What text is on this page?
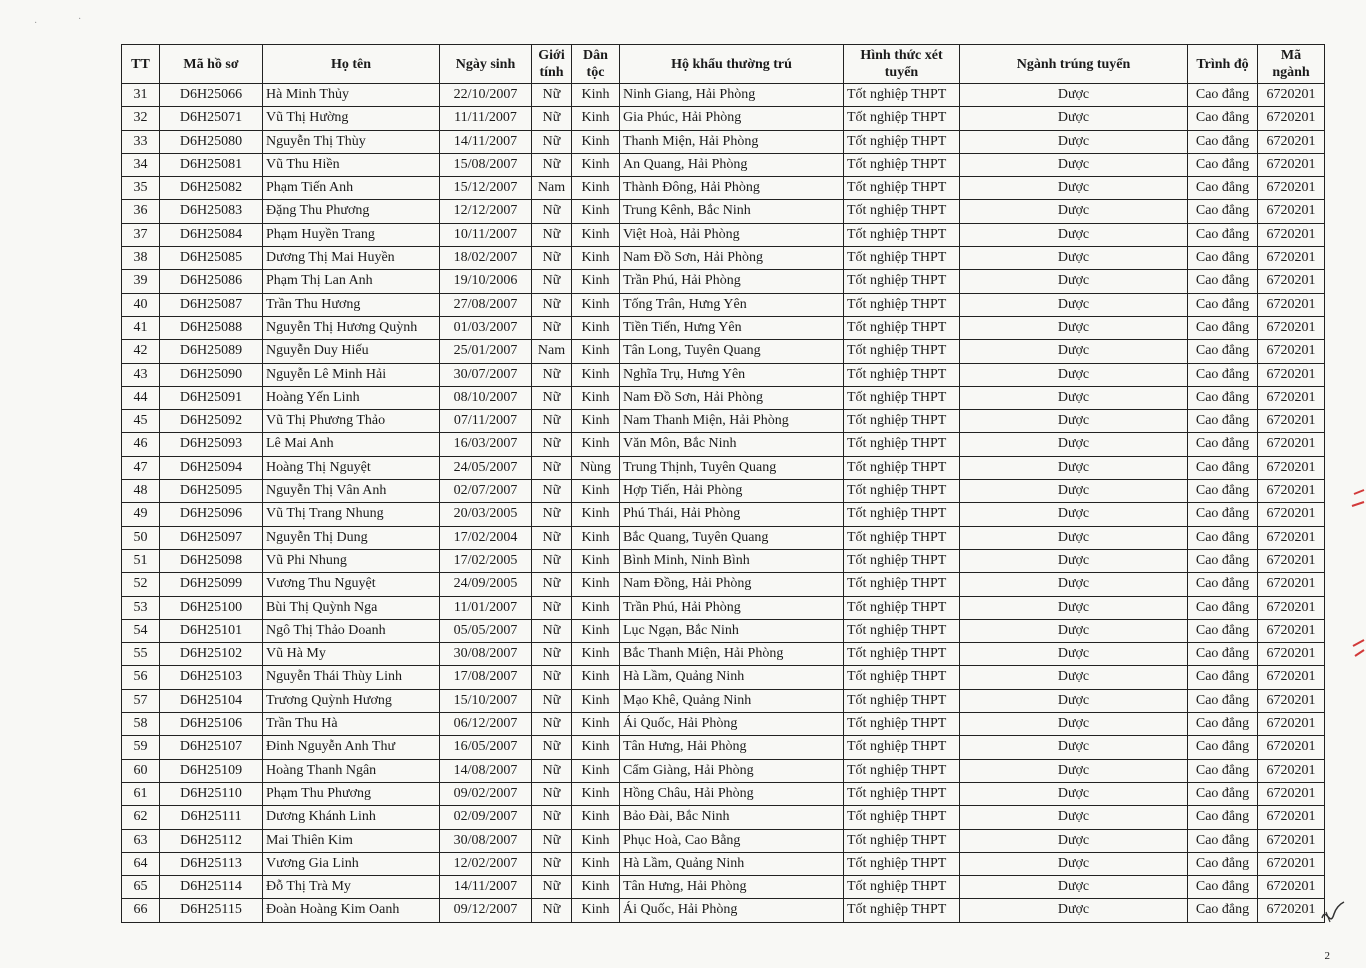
·	·
TT	Mã hồ sơ	Họ tên	Ngày sinh	Giới tính	Dân tộc	Hộ khẩu thường trú	Hình thức xét tuyển	Ngành trúng tuyển	Trình độ	Mã ngành
31	D6H25066	Hà Minh Thủy	22/10/2007	Nữ	Kinh	Ninh Giang, Hải Phòng	Tốt nghiệp THPT	Dược	Cao đẳng	6720201
32	D6H25071	Vũ Thị Hường	11/11/2007	Nữ	Kinh	Gia Phúc, Hải Phòng	Tốt nghiệp THPT	Dược	Cao đẳng	6720201
33	D6H25080	Nguyễn Thị Thùy	14/11/2007	Nữ	Kinh	Thanh Miện, Hải Phòng	Tốt nghiệp THPT	Dược	Cao đẳng	6720201
34	D6H25081	Vũ Thu Hiền	15/08/2007	Nữ	Kinh	An Quang, Hải Phòng	Tốt nghiệp THPT	Dược	Cao đẳng	6720201
35	D6H25082	Phạm Tiến Anh	15/12/2007	Nam	Kinh	Thành Đông, Hải Phòng	Tốt nghiệp THPT	Dược	Cao đẳng	6720201
36	D6H25083	Đặng Thu Phương	12/12/2007	Nữ	Kinh	Trung Kênh, Bắc Ninh	Tốt nghiệp THPT	Dược	Cao đẳng	6720201
37	D6H25084	Phạm Huyền Trang	10/11/2007	Nữ	Kinh	Việt Hoà, Hải Phòng	Tốt nghiệp THPT	Dược	Cao đẳng	6720201
38	D6H25085	Dương Thị Mai Huyền	18/02/2007	Nữ	Kinh	Nam Đồ Sơn, Hải Phòng	Tốt nghiệp THPT	Dược	Cao đẳng	6720201
39	D6H25086	Phạm Thị Lan Anh	19/10/2006	Nữ	Kinh	Trần Phú, Hải Phòng	Tốt nghiệp THPT	Dược	Cao đẳng	6720201
40	D6H25087	Trần Thu Hương	27/08/2007	Nữ	Kinh	Tống Trân, Hưng Yên	Tốt nghiệp THPT	Dược	Cao đẳng	6720201
41	D6H25088	Nguyễn Thị Hương Quỳnh	01/03/2007	Nữ	Kinh	Tiền Tiến, Hưng Yên	Tốt nghiệp THPT	Dược	Cao đẳng	6720201
42	D6H25089	Nguyễn Duy Hiếu	25/01/2007	Nam	Kinh	Tân Long, Tuyên Quang	Tốt nghiệp THPT	Dược	Cao đẳng	6720201
43	D6H25090	Nguyễn Lê Minh Hải	30/07/2007	Nữ	Kinh	Nghĩa Trụ, Hưng Yên	Tốt nghiệp THPT	Dược	Cao đẳng	6720201
44	D6H25091	Hoàng Yến Linh	08/10/2007	Nữ	Kinh	Nam Đồ Sơn, Hải Phòng	Tốt nghiệp THPT	Dược	Cao đẳng	6720201
45	D6H25092	Vũ Thị Phương Thảo	07/11/2007	Nữ	Kinh	Nam Thanh Miện, Hải Phòng	Tốt nghiệp THPT	Dược	Cao đẳng	6720201
46	D6H25093	Lê Mai Anh	16/03/2007	Nữ	Kinh	Văn Môn, Bắc Ninh	Tốt nghiệp THPT	Dược	Cao đẳng	6720201
47	D6H25094	Hoàng Thị Nguyệt	24/05/2007	Nữ	Nùng	Trung Thịnh, Tuyên Quang	Tốt nghiệp THPT	Dược	Cao đẳng	6720201
48	D6H25095	Nguyễn Thị Vân Anh	02/07/2007	Nữ	Kinh	Hợp Tiến, Hải Phòng	Tốt nghiệp THPT	Dược	Cao đẳng	6720201
49	D6H25096	Vũ Thị Trang Nhung	20/03/2005	Nữ	Kinh	Phú Thái, Hải Phòng	Tốt nghiệp THPT	Dược	Cao đẳng	6720201
50	D6H25097	Nguyễn Thị Dung	17/02/2004	Nữ	Kinh	Bắc Quang, Tuyên Quang	Tốt nghiệp THPT	Dược	Cao đẳng	6720201
51	D6H25098	Vũ Phi Nhung	17/02/2005	Nữ	Kinh	Bình Minh, Ninh Bình	Tốt nghiệp THPT	Dược	Cao đẳng	6720201
52	D6H25099	Vương Thu Nguyệt	24/09/2005	Nữ	Kinh	Nam Đồng, Hải Phòng	Tốt nghiệp THPT	Dược	Cao đẳng	6720201
53	D6H25100	Bùi Thị Quỳnh Nga	11/01/2007	Nữ	Kinh	Trần Phú, Hải Phòng	Tốt nghiệp THPT	Dược	Cao đẳng	6720201
54	D6H25101	Ngô Thị Thảo Doanh	05/05/2007	Nữ	Kinh	Lục Ngạn, Bắc Ninh	Tốt nghiệp THPT	Dược	Cao đẳng	6720201
55	D6H25102	Vũ Hà My	30/08/2007	Nữ	Kinh	Bắc Thanh Miện, Hải Phòng	Tốt nghiệp THPT	Dược	Cao đẳng	6720201
56	D6H25103	Nguyễn Thái Thùy Linh	17/08/2007	Nữ	Kinh	Hà Lầm, Quảng Ninh	Tốt nghiệp THPT	Dược	Cao đẳng	6720201
57	D6H25104	Trương Quỳnh Hương	15/10/2007	Nữ	Kinh	Mạo Khê, Quảng Ninh	Tốt nghiệp THPT	Dược	Cao đẳng	6720201
58	D6H25106	Trần Thu Hà	06/12/2007	Nữ	Kinh	Ái Quốc, Hải Phòng	Tốt nghiệp THPT	Dược	Cao đẳng	6720201
59	D6H25107	Đinh Nguyễn Anh Thư	16/05/2007	Nữ	Kinh	Tân Hưng, Hải Phòng	Tốt nghiệp THPT	Dược	Cao đẳng	6720201
60	D6H25109	Hoàng Thanh Ngân	14/08/2007	Nữ	Kinh	Cẩm Giàng, Hải Phòng	Tốt nghiệp THPT	Dược	Cao đẳng	6720201
61	D6H25110	Phạm Thu Phương	09/02/2007	Nữ	Kinh	Hồng Châu, Hải Phòng	Tốt nghiệp THPT	Dược	Cao đẳng	6720201
62	D6H25111	Dương Khánh Linh	02/09/2007	Nữ	Kinh	Bảo Đài, Bắc Ninh	Tốt nghiệp THPT	Dược	Cao đẳng	6720201
63	D6H25112	Mai Thiên Kim	30/08/2007	Nữ	Kinh	Phục Hoà, Cao Bằng	Tốt nghiệp THPT	Dược	Cao đẳng	6720201
64	D6H25113	Vương Gia Linh	12/02/2007	Nữ	Kinh	Hà Lầm, Quảng Ninh	Tốt nghiệp THPT	Dược	Cao đẳng	6720201
65	D6H25114	Đỗ Thị Trà My	14/11/2007	Nữ	Kinh	Tân Hưng, Hải Phòng	Tốt nghiệp THPT	Dược	Cao đẳng	6720201
66	D6H25115	Đoàn Hoàng Kim Oanh	09/12/2007	Nữ	Kinh	Ái Quốc, Hải Phòng	Tốt nghiệp THPT	Dược	Cao đẳng	6720201
2
